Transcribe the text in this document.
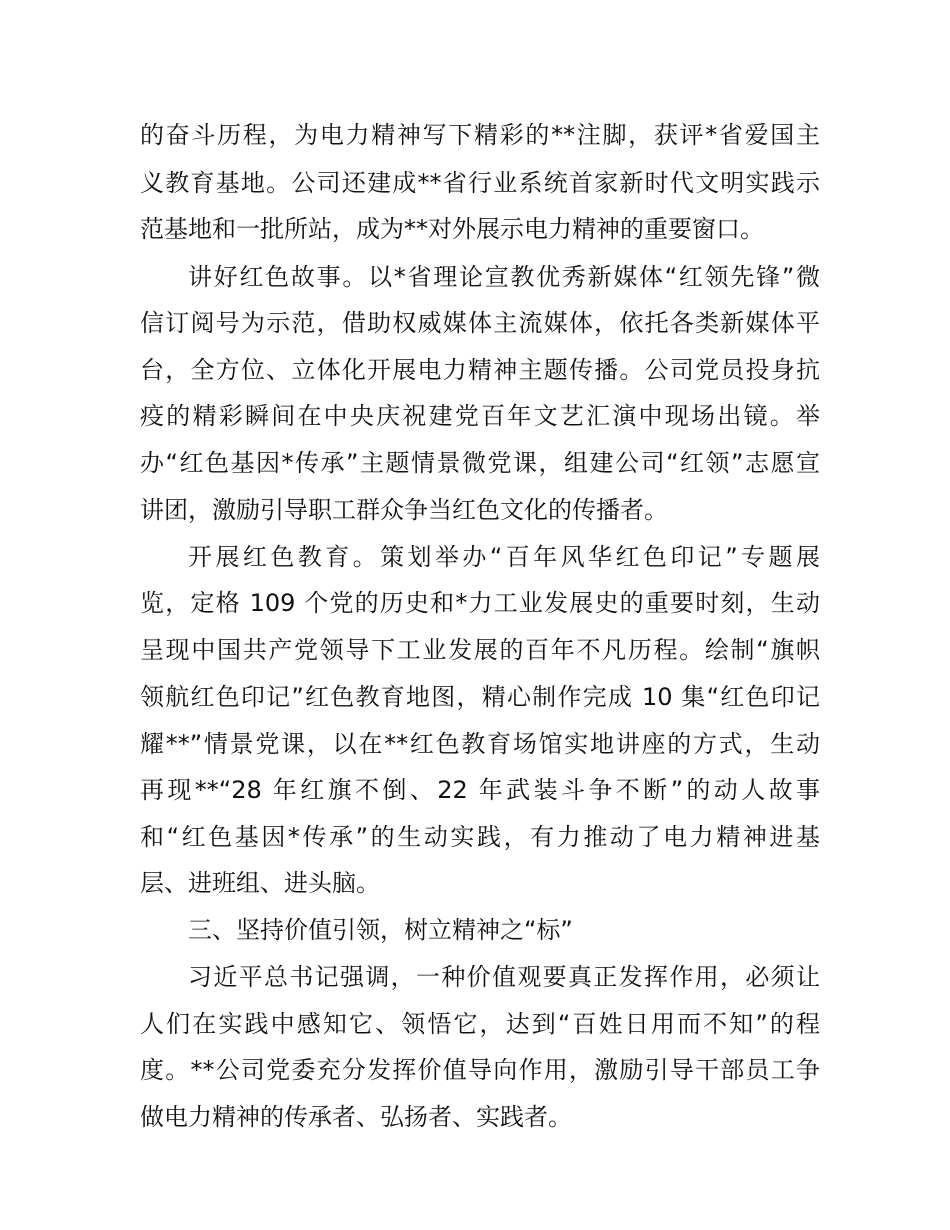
的奋斗历程，为电力精神写下精彩的**注脚，获评*省爱国主

义教育基地。公司还建成**省行业系统首家新时代文明实践示

范基地和一批所站，成为**对外展示电力精神的重要窗口。

讲好红色故事。以*省理论宣教优秀新媒体“红领先锋”微

信订阅号为示范，借助权威媒体主流媒体，依托各类新媒体平

台，全方位、立体化开展电力精神主题传播。公司党员投身抗

疫的精彩瞬间在中央庆祝建党百年文艺汇演中现场出镜。举

办“红色基因*传承”主题情景微党课，组建公司“红领”志愿宣

讲团，激励引导职工群众争当红色文化的传播者。

开展红色教育。策划举办“百年风华红色印记”专题展

览，定格 109 个党的历史和*力工业发展史的重要时刻，生动

呈现中国共产党领导下工业发展的百年不凡历程。绘制“旗帜

领航红色印记”红色教育地图，精心制作完成 10 集“红色印记

耀**”情景党课，以在**红色教育场馆实地讲座的方式，生动

再现**“28 年红旗不倒、22 年武装斗争不断”的动人故事

和“红色基因*传承”的生动实践，有力推动了电力精神进基

层、进班组、进头脑。

三、坚持价值引领，树立精神之“标”

习近平总书记强调，一种价值观要真正发挥作用，必须让

人们在实践中感知它、领悟它，达到“百姓日用而不知”的程

度。**公司党委充分发挥价值导向作用，激励引导干部员工争

做电力精神的传承者、弘扬者、实践者。
